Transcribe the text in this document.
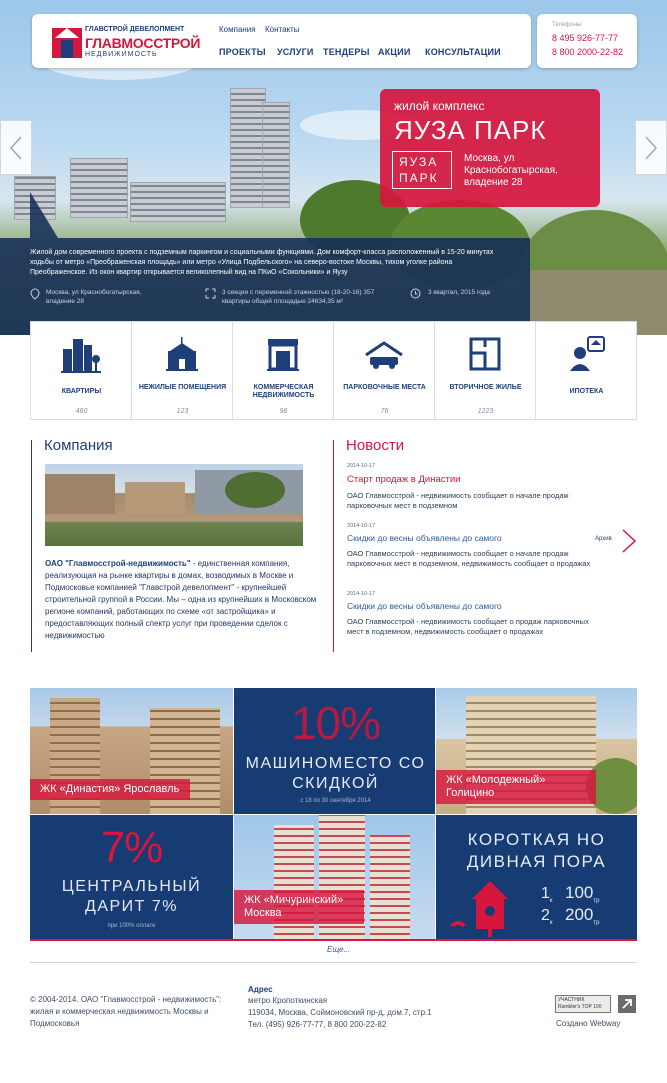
ГЛАВСТРОЙ ДЕВЕЛОПМЕНТ
ГЛАВМОССТРОЙ
НЕДВИЖИМОСТЬ
Компания Контакты
ПРОЕКТЫ УСЛУГИ ТЕНДЕРЫ АКЦИИ КОНСУЛЬТАЦИИ
Телефоны
8 495 926-77-77
8 800 2000-22-82
жилой комплекс
ЯУЗА ПАРК
ЯУЗА
ПАРК
Москва, ул Краснобогатырская, владение 28
Жилой дом современного проекта с подземным паркингом и социальными функциями. Дом комфорт-класса расположенный в 15-20 минутах ходьбы от метро «Преображенская площадь» или метро «Улица Подбельского» на северо-востоке Москвы, тихом уголке района Преображенское. Из окон квартир открывается великолепный вид на ПКиО «Сокольники» и Яузу
Москва, ул Краснобогатырская, владение 28
3 секции с переменной этажностью (18-20-16) 357 квартиры общей площадью 24634,35 м²
3 квартал, 2015 года
КВАРТИРЫ
460
НЕЖИЛЫЕ ПОМЕЩЕНИЯ
123
КОММЕРЧЕСКАЯ НЕДВИЖИМОСТЬ
98
ПАРКОВОЧНЫЕ МЕСТА
76
ВТОРИЧНОЕ ЖИЛЬЕ
1223
ИПОТЕКА
Компания
ОАО "Главмосстрой-недвижимость" - единственная компания, реализующая на рынке квартиры в домах, возводимых в Москве и Подмосковье компанией "Главстрой девелопмент" - крупнейшей строительной группой в России. Мы – одна из крупнейших в Московском регионе компаний, работающих по схеме «от застройщика» и предоставляющих полный спектр услуг при проведении сделок с недвижимостью
Новости
2014-10-17
Старт продаж в Династии
ОАО Главмосстрой - недвижимость сообщает о начале продаж парковочных мест в подземном
2014-10-17
Скидки до весны объявлены до самого
ОАО Главмосстрой - недвижимость сообщает о начале продаж парковочных мест в подземном, недвижимость сообщает о продажах
2014-10-17
Скидки до весны объявлены до самого
ОАО Главмосстрой - недвижимость сообщает о продаж парковочных мест в подземном, недвижимость сообщает о продажах
Архив
ЖК «Династия» Ярославль
10%
МАШИНОМЕСТО СО СКИДКОЙ
с 18 по 30 сентября 2014
ЖК «Молодежный» Голицино
7%
ЦЕНТРАЛЬНЫЙ ДАРИТ 7%
при 100% оплате
ЖК «Мичуринский» Москва
КОРОТКАЯ НО ДИВНАЯ ПОРА
$1_к$ $100_{тр}$
$2_к$ $200_{тр}$
Еще...
© 2004-2014. ОАО "Главмосстрой - недвижимость": жилая и коммерческая недвижимость Москвы и Подмосковья
Адрес
метро Кропоткинская
119034, Москва, Соймоновский пр-д, дом.7, стр.1
Тел. (495) 926-77-77, 8 800 200-22-82
УЧАСТНИК Rambler's TOP 100
Создано Webway
